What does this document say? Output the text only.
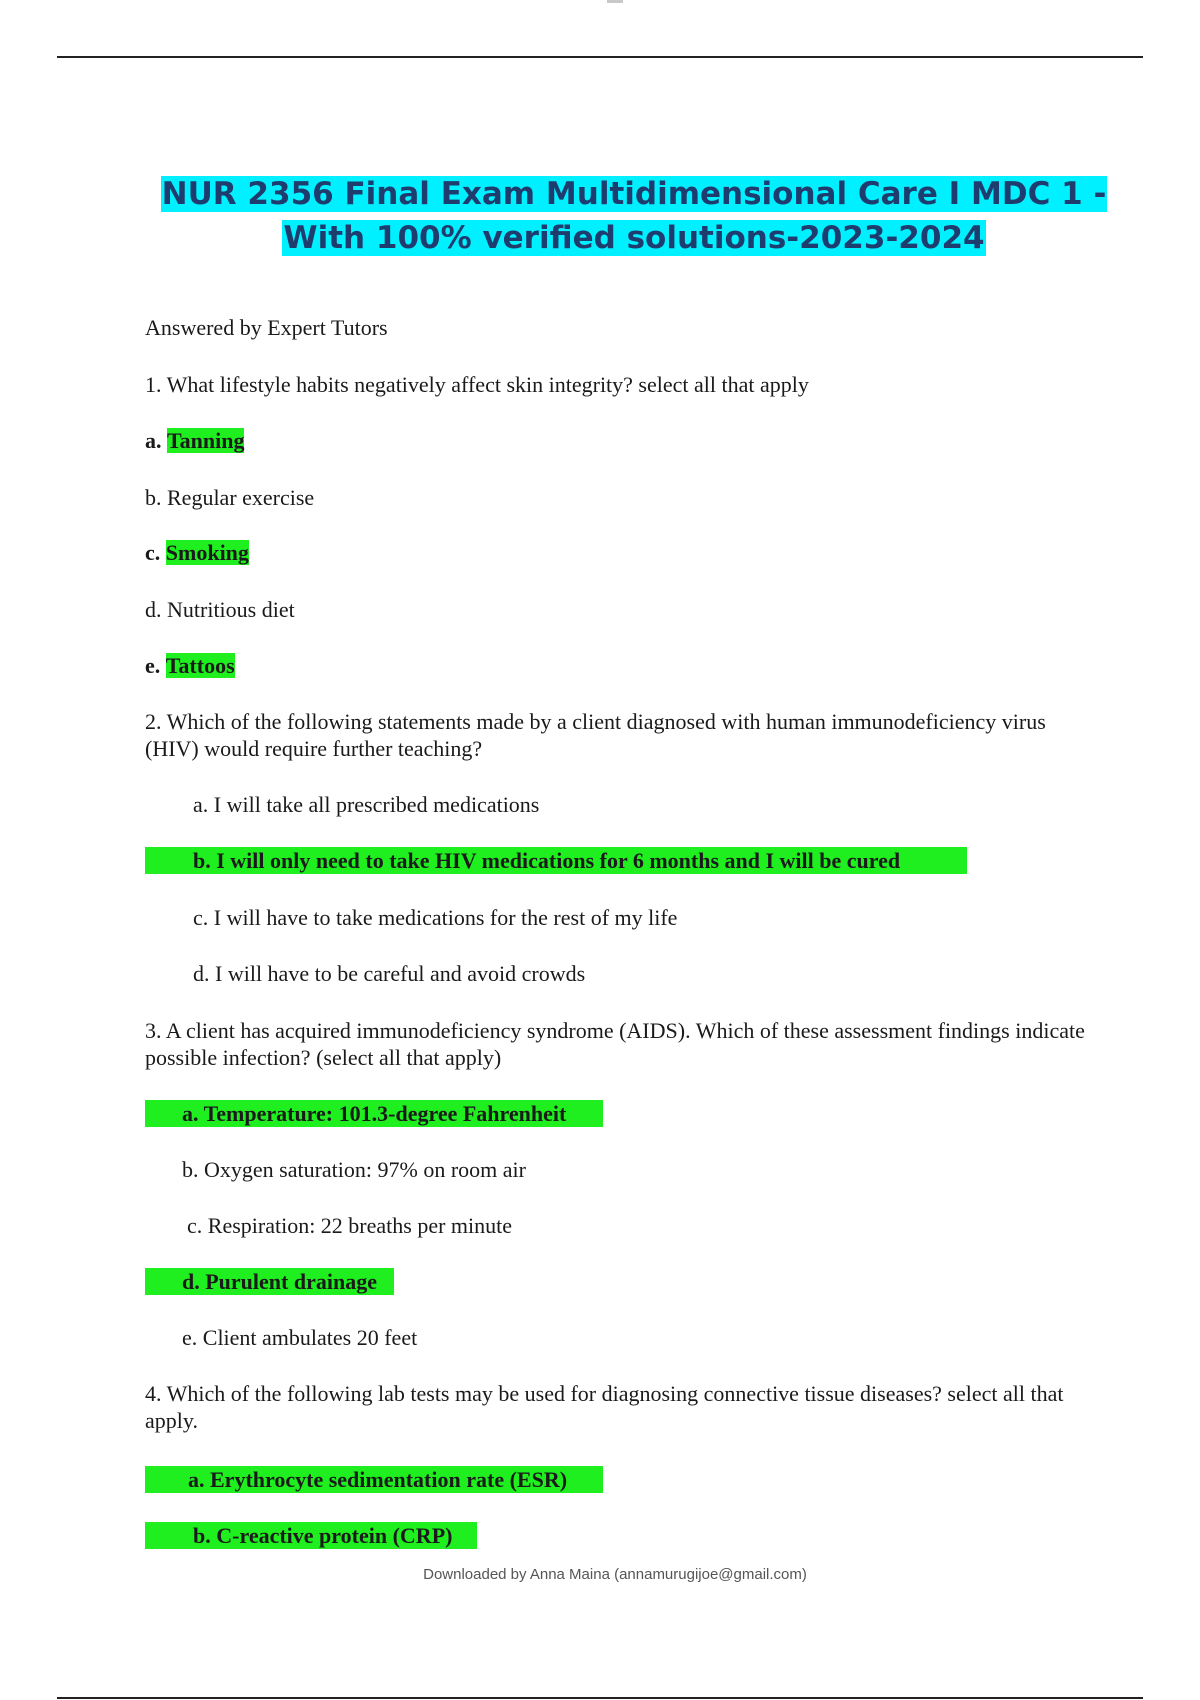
NUR 2356 Final Exam Multidimensional Care I MDC 1 -
With 100% verified solutions-2023-2024
Answered by Expert Tutors
1. What lifestyle habits negatively affect skin integrity? select all that apply
a. Tanning
b. Regular exercise
c. Smoking
d. Nutritious diet
e. Tattoos
2. Which of the following statements made by a client diagnosed with human immunodeficiency virus (HIV) would require further teaching?
a. I will take all prescribed medications
b. I will only need to take HIV medications for 6 months and I will be cured
c. I will have to take medications for the rest of my life
d. I will have to be careful and avoid crowds
3. A client has acquired immunodeficiency syndrome (AIDS). Which of these assessment findings indicate possible infection? (select all that apply)
a. Temperature: 101.3-degree Fahrenheit
b. Oxygen saturation: 97% on room air
c. Respiration: 22 breaths per minute
d. Purulent drainage
e. Client ambulates 20 feet
4. Which of the following lab tests may be used for diagnosing connective tissue diseases? select all that apply.
a. Erythrocyte sedimentation rate (ESR)
b. C-reactive protein (CRP)
Downloaded by Anna Maina (annamurugijoe@gmail.com)
